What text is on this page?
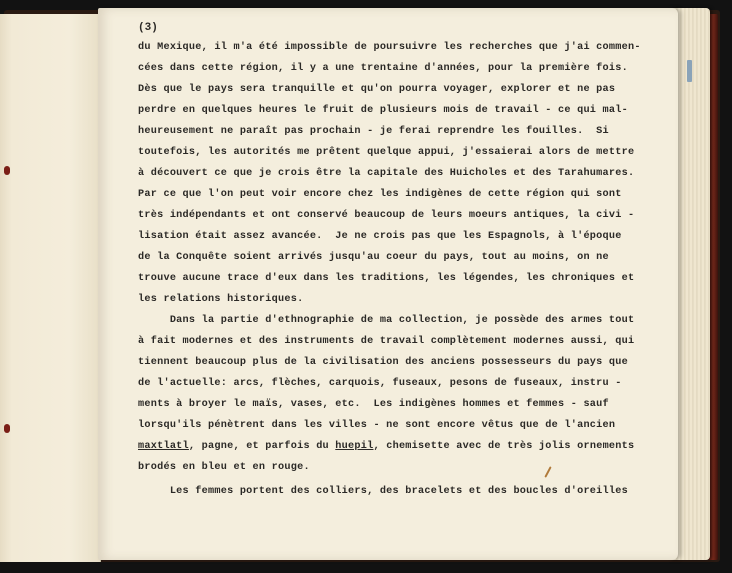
(3)

du Mexique, il m'a été impossible de poursuivre les recherches que j'ai commen-

cées dans cette région, il y a une trentaine d'années, pour la première fois.

Dès que le pays sera tranquille et qu'on pourra voyager, explorer et ne pas

perdre en quelques heures le fruit de plusieurs mois de travail - ce qui mal-

heureusement ne paraît pas prochain - je ferai reprendre les fouilles.  Si

toutefois, les autorités me prêtent quelque appui, j'essaierai alors de mettre

à découvert ce que je crois être la capitale des Huicholes et des Tarahumares.

Par ce que l'on peut voir encore chez les indigènes de cette région qui sont

très indépendants et ont conservé beaucoup de leurs moeurs antiques, la civi -

lisation était assez avancée.  Je ne crois pas que les Espagnols, à l'époque

de la Conquête soient arrivés jusqu'au coeur du pays, tout au moins, on ne

trouve aucune trace d'eux dans les traditions, les légendes, les chroniques et

les relations historiques.

Dans la partie d'ethnographie de ma collection, je possède des armes tout

à fait modernes et des instruments de travail complètement modernes aussi, qui

tiennent beaucoup plus de la civilisation des anciens possesseurs du pays que

de l'actuelle: arcs, flèches, carquois, fuseaux, pesons de fuseaux, instru -

ments à broyer le maïs, vases, etc.  Les indigènes hommes et femmes - sauf

lorsqu'ils pénètrent dans les villes - ne sont encore vêtus que de l'ancien

maxtlatl, pagne, et parfois du huepil, chemisette avec de très jolis ornements

brodés en bleu et en rouge.

Les femmes portent des colliers, des bracelets et des boucles d'oreilles
